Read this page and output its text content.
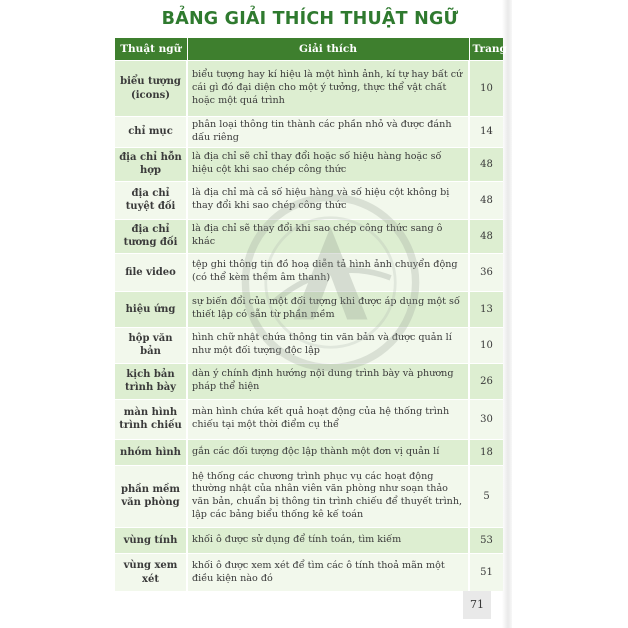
BẢNG GIẢI THÍCH THUẬT NGỮ
Thuật ngữ	Giải thích	Trang
biểu tượng (icons)	biểu tượng hay kí hiệu là một hình ảnh, kí tự hay bất cứ cái gì đó đại diện cho một ý tưởng, thực thể vật chất hoặc một quá trình	10
chỉ mục	phân loại thông tin thành các phần nhỏ và được đánh dấu riêng	14
địa chỉ hỗn hợp	là địa chỉ sẽ chỉ thay đổi hoặc số hiệu hàng hoặc số hiệu cột khi sao chép công thức	48
địa chỉ tuyệt đối	là địa chỉ mà cả số hiệu hàng và số hiệu cột không bị thay đổi khi sao chép công thức	48
địa chỉ tương đối	là địa chỉ sẽ thay đổi khi sao chép công thức sang ô khác	48
file video	tệp ghi thông tin đồ hoạ diễn tả hình ảnh chuyển động (có thể kèm thêm âm thanh)	36
hiệu ứng	sự biến đổi của một đối tượng khi được áp dụng một số thiết lập có sẵn từ phần mềm	13
hộp văn bản	hình chữ nhật chứa thông tin văn bản và được quản lí như một đối tượng độc lập	10
kịch bản trình bày	dàn ý chính định hướng nội dung trình bày và phương pháp thể hiện	26
màn hình trình chiếu	màn hình chứa kết quả hoạt động của hệ thống trình chiếu tại một thời điểm cụ thể	30
nhóm hình	gắn các đối tượng độc lập thành một đơn vị quản lí	18
phần mềm văn phòng	hệ thống các chương trình phục vụ các hoạt động thường nhật của nhân viên văn phòng như soạn thảo văn bản, chuẩn bị thông tin trình chiếu để thuyết trình, lập các bảng biểu thống kê kế toán	5
vùng tính	khối ô được sử dụng để tính toán, tìm kiếm	53
vùng xem xét	khối ô được xem xét để tìm các ô tính thoả mãn một điều kiện nào đó	51
71
